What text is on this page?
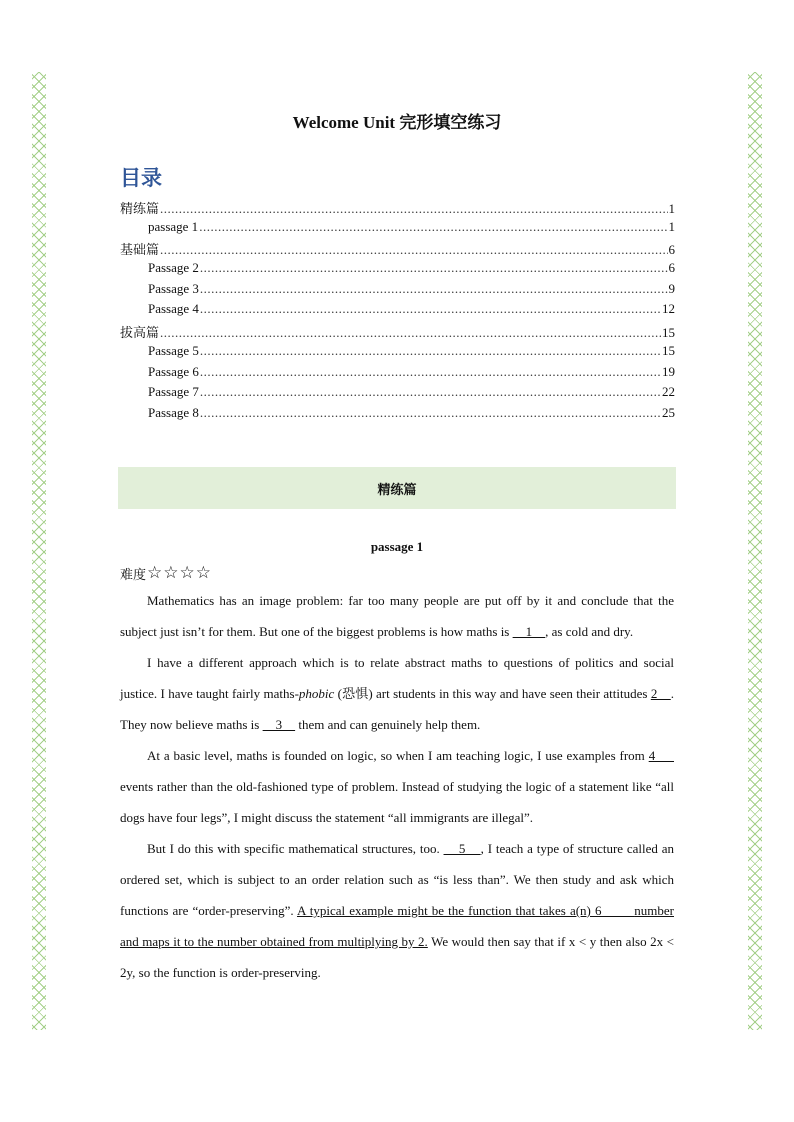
Welcome Unit 完形填空练习
目录
精练篇 .....	1
passage 1 .....	1
基础篇 .....	6
Passage 2 .....	6
Passage 3 .....	9
Passage 4 .....	12
拔高篇 .....	15
Passage 5 .....	15
Passage 6 .....	19
Passage 7 .....	22
Passage 8 .....	25
精练篇
passage 1
难度 ☆☆☆☆

Mathematics has an image problem: far too many people are put off by it and conclude that the subject just isn’t for them. But one of the biggest problems is how maths is     1    , as cold and dry.

I have a different approach which is to relate abstract maths to questions of politics and social justice. I have taught fairly maths-phobic (恐惧) art students in this way and have seen their attitudes 2    . They now believe maths is     3     them and can genuinely help them.

At a basic level, maths is founded on logic, so when I am teaching logic, I use examples from 4      events rather than the old-fashioned type of problem. Instead of studying the logic of a statement like “all dogs have four legs”, I might discuss the statement “all immigrants are illegal”.

But I do this with specific mathematical structures, too.     5    , I teach a type of structure called an ordered set, which is subject to an order relation such as “is less than”. We then study and ask which functions are “order-preserving”. A typical example might be the function that takes a(n) 6        number and maps it to the number obtained from multiplying by 2. We would then say that if x < y then also 2x < 2y, so the function is order-preserving.
